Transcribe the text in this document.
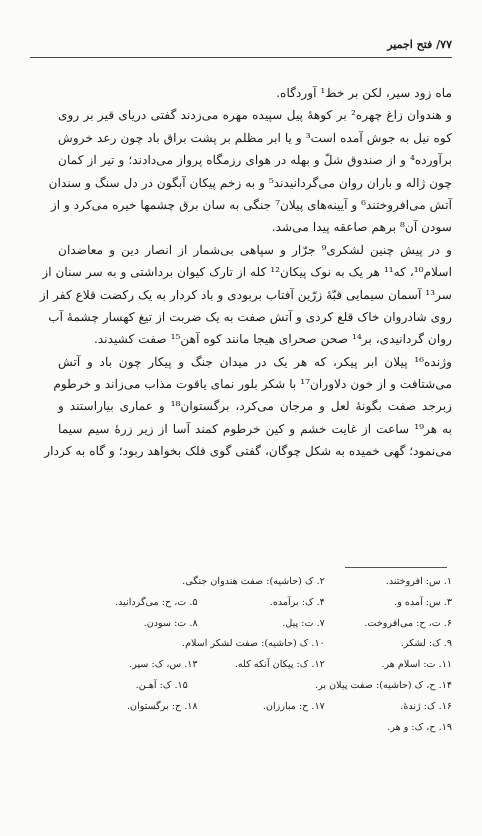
۷۷/ فتح اجمیر
ماه زود سیر، لکن بر خط¹ آوردگاه.
و هندوان زاغ چهره² بر کوههٔ پیل سپیده مهره می‌زدند گفتی دریای قیر بر روی
کوه نیل به جوش آمده است³ و یا ابر مظلم بر پشت براق باد چون رعد خروش
برآورده⁴ و از صندوق شلّ و بهله در هوای رزمگاه پرواز می‌دادند؛ و تیر از کمان
چون ژاله و باران روان می‌گردانیدند⁵ و به زخم پیکان آبگون در دل سنگ و سندان
آتش می‌افروختند⁶ و آیینه‌های پیلان⁷ جنگی به سان برق چشمها خیره می‌کرد و از
سودن آن⁸ برهم صاعقه پیدا می‌شد.
و در پیش چنین لشکری⁹ جرّار و سپاهی بی‌شمار از انصار دین و معاضدان
اسلام¹⁰، که¹¹ هر یک به نوک پیکان¹² کله از تارک کیوان برداشتی و به سر سنان از
سر¹³ آسمان سیمایی قبّهٔ زرّین آفتاب بربودی و باد کردار به یک رکضت قلاع کفر از
روی شادروان خاک قلع کردی و آتش صفت به یک ضربت از تیغ کهسار چشمهٔ آب
روان گردانیدی، بر¹⁴ صحن صحرای هیجا مانند کوه آهن¹⁵ صفت کشیدند.
وژنده¹⁶ پیلان ابر پیکر، که هر یک در میدان جنگ و پیکار چون باد و آتش
می‌شتافت و از خون دلاوران¹⁷ با شکر بلور نمای یاقوت مذاب می‌زاند و خرطوم
زبرجد صفت بگونهٔ لعل و مرجان می‌کرد، برگستوان¹⁸ و عماری بیاراستند و
به هر¹⁹ ساعت از غایت خشم و کین خرطوم کمند آسا از زیر زرهٔ سیم سیما
می‌نمود؛ گهی خمیده به شکل چوگان، گفتی گوی فلک بخواهد ربود؛ و گاه به کردار
۱. س: افروختند.
۲. ک (حاشیه): صفت هندوان جنگی.
۳. س: آمده و.
۴. ک: برآمده.
۵. ت، ح: می‌گردانید.
۶. ت، ح: می‌افروخت.
۷. ت: پیل.
۸. ت: سودن.
۹. ک: لشکر.
۱۰. ک (حاشیه): صفت لشکر اسلام.
۱۱. ت: اسلام هر.
۱۲. ک: پیکان آنکه کله.
۱۳. س، ک: سپر.
۱۴. ح، ک (حاشیه): صفت پیلان بر.
۱۵. ک: آهـن.
۱۶. ک: ژندۀ.
۱۷. ح: مبارزان.
۱۸. ح: برگستوان.
۱۹. ح، ک: و هر.
